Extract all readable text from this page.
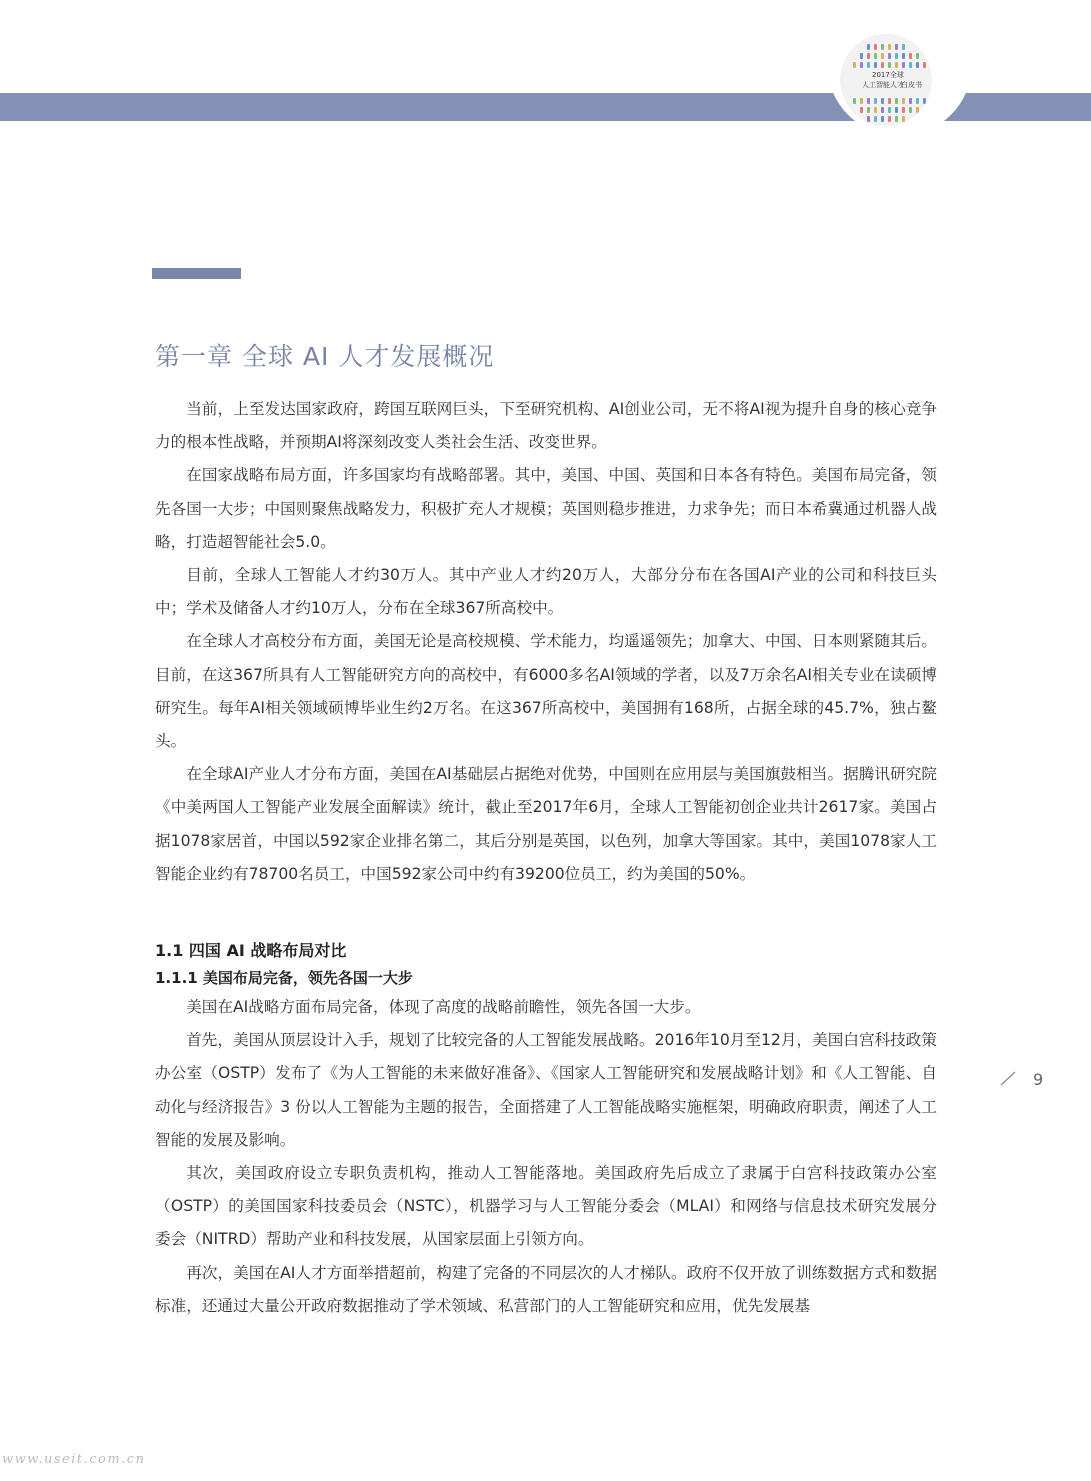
2017全球
人工智能人才
白皮书
第一章 全球 AI 人才发展概况

当前，上至发达国家政府，跨国互联网巨头，下至研究机构、AI创业公司，无不将AI视为提升自身的核心竞争力的根本性战略，并预期AI将深刻改变人类社会生活、改变世界。

在国家战略布局方面，许多国家均有战略部署。其中，美国、中国、英国和日本各有特色。美国布局完备，领先各国一大步；中国则聚焦战略发力，积极扩充人才规模；英国则稳步推进，力求争先；而日本希冀通过机器人战略，打造超智能社会5.0。

目前，全球人工智能人才约30万人。其中产业人才约20万人，大部分分布在各国AI产业的公司和科技巨头中；学术及储备人才约10万人，分布在全球367所高校中。

在全球人才高校分布方面，美国无论是高校规模、学术能力，均遥遥领先；加拿大、中国、日本则紧随其后。目前，在这367所具有人工智能研究方向的高校中，有6000多名AI领域的学者，以及7万余名AI相关专业在读硕博研究生。每年AI相关领域硕博毕业生约2万名。在这367所高校中，美国拥有168所，占据全球的45.7%，独占鳌头。

在全球AI产业人才分布方面，美国在AI基础层占据绝对优势，中国则在应用层与美国旗鼓相当。据腾讯研究院《中美两国人工智能产业发展全面解读》统计，截止至2017年6月，全球人工智能初创企业共计2617家。美国占据1078家居首，中国以592家企业排名第二，其后分别是英国，以色列，加拿大等国家。其中，美国1078家人工智能企业约有78700名员工，中国592家公司中约有39200位员工，约为美国的50%。

1.1 四国 AI 战略布局对比
1.1.1 美国布局完备，领先各国一大步

美国在AI战略方面布局完备，体现了高度的战略前瞻性，领先各国一大步。

首先，美国从顶层设计入手，规划了比较完备的人工智能发展战略。2016年10月至12月，美国白宫科技政策办公室（OSTP）发布了《为人工智能的未来做好准备》、《国家人工智能研究和发展战略计划》和《人工智能、自动化与经济报告》3 份以人工智能为主题的报告，全面搭建了人工智能战略实施框架，明确政府职责，阐述了人工智能的发展及影响。

其次，美国政府设立专职负责机构，推动人工智能落地。美国政府先后成立了隶属于白宫科技政策办公室（OSTP）的美国国家科技委员会（NSTC），机器学习与人工智能分委会（MLAI）和网络与信息技术研究发展分委会（NITRD）帮助产业和科技发展，从国家层面上引领方向。

再次，美国在AI人才方面举措超前，构建了完备的不同层次的人才梯队。政府不仅开放了训练数据方式和数据标准，还通过大量公开政府数据推动了学术领域、私营部门的人工智能研究和应用，优先发展基

9
www.useit.com.cn
